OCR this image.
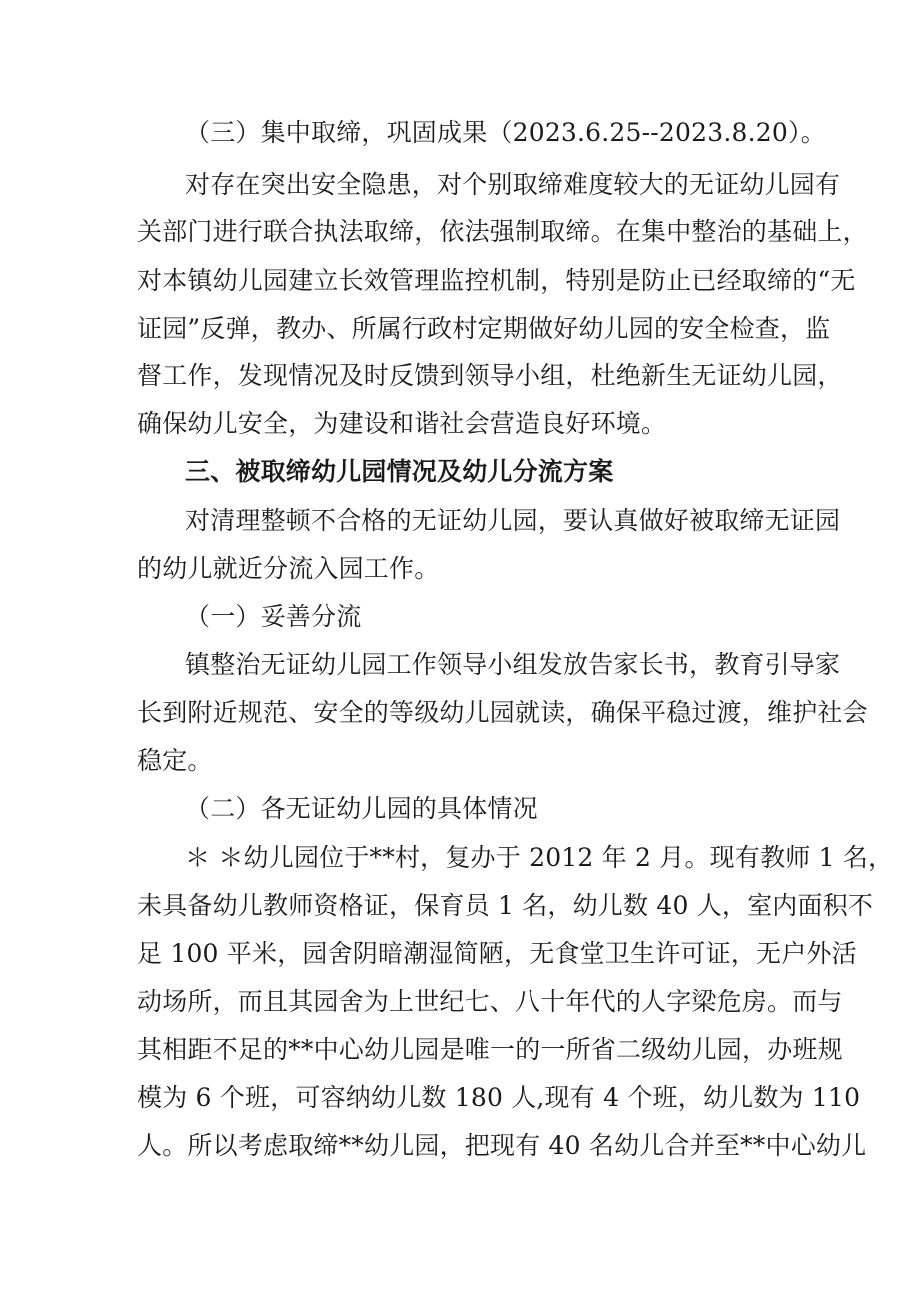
（三）集中取缔，巩固成果（2023.6.25--2023.8.20）。
对存在突出安全隐患，对个别取缔难度较大的无证幼儿园有
关部门进行联合执法取缔，依法强制取缔。在集中整治的基础上，
对本镇幼儿园建立长效管理监控机制，特别是防止已经取缔的“无
证园”反弹，教办、所属行政村定期做好幼儿园的安全检查，监
督工作，发现情况及时反馈到领导小组，杜绝新生无证幼儿园，
确保幼儿安全，为建设和谐社会营造良好环境。
三、被取缔幼儿园情况及幼儿分流方案
对清理整顿不合格的无证幼儿园，要认真做好被取缔无证园
的幼儿就近分流入园工作。
（一）妥善分流
镇整治无证幼儿园工作领导小组发放告家长书，教育引导家
长到附近规范、安全的等级幼儿园就读，确保平稳过渡，维护社会
稳定。
（二）各无证幼儿园的具体情况
＊ ＊幼儿园位于**村，复办于 2012 年 2 月。现有教师 1 名，
未具备幼儿教师资格证，保育员 1 名，幼儿数 40 人，室内面积不
足 100 平米，园舍阴暗潮湿简陋，无食堂卫生许可证，无户外活
动场所，而且其园舍为上世纪七、八十年代的人字梁危房。而与
其相距不足的**中心幼儿园是唯一的一所省二级幼儿园，办班规
模为 6 个班，可容纳幼儿数 180 人,现有 4 个班，幼儿数为 110
人。所以考虑取缔**幼儿园，把现有 40 名幼儿合并至**中心幼儿
